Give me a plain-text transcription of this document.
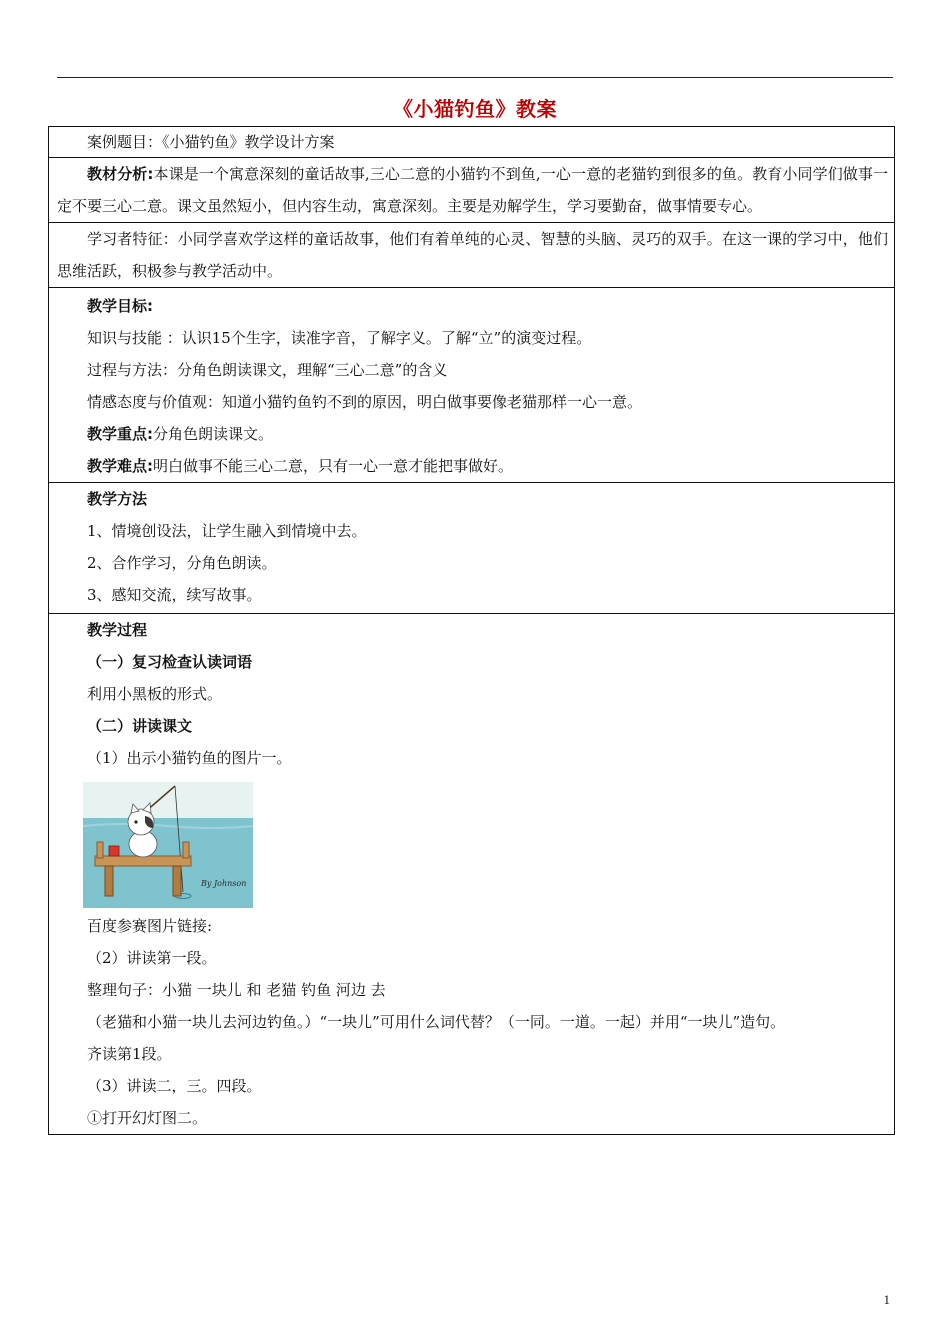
《小猫钓鱼》教案
案例题目：《小猫钓鱼》教学设计方案
教材分析:本课是一个寓意深刻的童话故事,三心二意的小猫钓不到鱼,一心一意的老猫钓到很多的鱼。教育小同学们做事一定不要三心二意。课文虽然短小，但内容生动，寓意深刻。主要是劝解学生，学习要勤奋，做事情要专心。
学习者特征：小同学喜欢学这样的童话故事，他们有着单纯的心灵、智慧的头脑、灵巧的双手。在这一课的学习中，他们思维活跃，积极参与教学活动中。

教学目标:
知识与技能 ：认识15个生字，读准字音，了解字义。了解“立”的演变过程。
过程与方法：分角色朗读课文，理解“三心二意”的含义
情感态度与价值观：知道小猫钓鱼钓不到的原因，明白做事要像老猫那样一心一意。
教学重点:分角色朗读课文。
教学难点:明白做事不能三心二意，只有一心一意才能把事做好。

教学方法
1、情境创设法，让学生融入到情境中去。
2、合作学习，分角色朗读。
3、感知交流，续写故事。

教学过程
（一）复习检查认读词语
利用小黑板的形式。
（二）讲读课文
（1）出示小猫钓鱼的图片一。
By Johnson
百度参赛图片链接:
（2）讲读第一段。
整理句子：小猫 一块儿 和 老猫 钓鱼 河边 去
（老猫和小猫一块儿去河边钓鱼。）“一块儿”可用什么词代替？（一同。一道。一起）并用“一块儿”造句。
齐读第1段。
（3）讲读二，三。四段。
①打开幻灯图二。
1
